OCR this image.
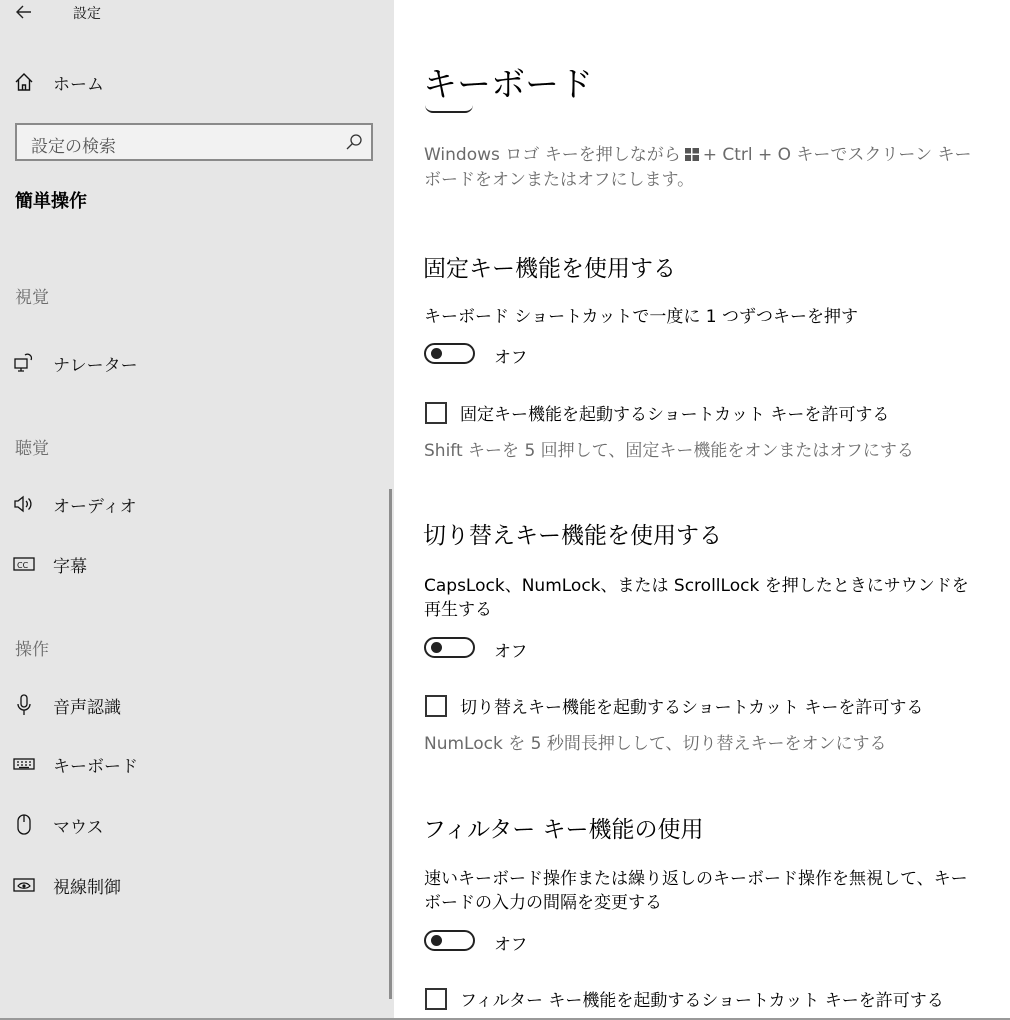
設定
ホーム
設定の検索
簡単操作
視覚
ナレーター
聴覚
オーディオ
CC 字幕
操作
音声認識
キーボード
マウス
視線制御
キーボード
Windows ロゴ キーを押しながら + Ctrl + O キーでスクリーン キーボードをオンまたはオフにします。
固定キー機能を使用する
キーボード ショートカットで一度に 1 つずつキーを押す
オフ
固定キー機能を起動するショートカット キーを許可する
Shift キーを 5 回押して、固定キー機能をオンまたはオフにする
切り替えキー機能を使用する
CapsLock、NumLock、または ScrollLock を押したときにサウンドを再生する
オフ
切り替えキー機能を起動するショートカット キーを許可する
NumLock を 5 秒間長押しして、切り替えキーをオンにする
フィルター キー機能の使用
速いキーボード操作または繰り返しのキーボード操作を無視して、キーボードの入力の間隔を変更する
オフ
フィルター キー機能を起動するショートカット キーを許可する
